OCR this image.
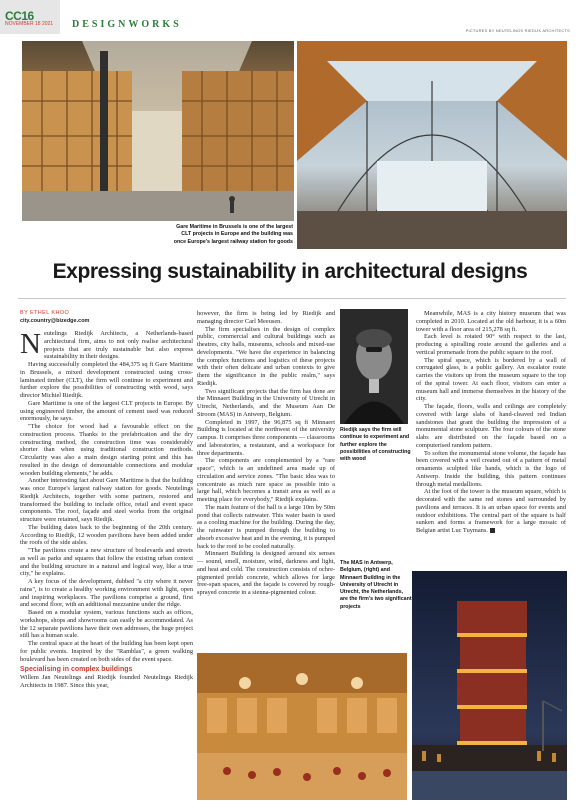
CC16
NOVEMBER 18 2021 DESIGNWORKS
PICTURES BY NEUTELINGS RIEDIJK ARCHITECTS
Gare Maritime in Brussels is one of the largest CLT projects in Europe and the building was once Europe's largest railway station for goods
Expressing sustainability in architectural designs
BY ETHEL KHOO
city.country@bizedge.com

Neutelings Riedijk Architects, a Netherlands-based architectural firm, aims to not only realise architectural projects that are truly sustainable but also express sustainability in their designs.

Having successfully completed the 484,375 sq ft Gare Maritime in Brussels, a mixed development constructed using cross-laminated timber (CLT), the firm will continue to experiment and further explore the possibilities of constructing with wood, says director Michiel Riedijk.

Gare Maritime is one of the largest CLT projects in Europe. By using engineered timber, the amount of cement used was reduced enormously, he says.

"The choice for wood had a favourable effect on the construction process. Thanks to the prefabrication and the dry constructing method, the construction time was considerably shorter than when using traditional construction methods. Circularity was also a main design starting point and this has resulted in the design of demountable connections and modular wooden building elements," he adds.

Another interesting fact about Gare Maritime is that the building was once Europe's largest railway station for goods. Neutelings Riedijk Architects, together with some partners, restored and transformed the building to include office, retail and event space components. The roof, façade and steel works from the original structure were retained, says Riedijk.

The building dates back to the beginning of the 20th century. According to Riedijk, 12 wooden pavilions have been added under the roofs of the side aisles.

"The pavilions create a new structure of boulevards and streets as well as parks and squares that follow the existing urban context and the building structure in a natural and logical way, like a true city," he explains.

A key focus of the development, dubbed "a city where it never rains", is to create a healthy working environment with light, open and inspiring workplaces. The pavilions comprise a ground, first and second floor, with an additional mezzanine under the ridge.

Based on a modular system, various functions such as offices, workshops, shops and showrooms can easily be accommodated. As the 12 separate pavilions have their own addresses, the huge project still has a human scale.

The central space at the heart of the building has been kept open for public events. Inspired by the "Ramblas", a green walking boulevard has been created on both sides of the event space.

Specialising in complex buildings

Willem Jan Neutelings and Riedijk founded Neutelings Riedijk Architects in 1987. Since this year,

however, the firm is being led by Riedijk and managing director Carl Meeusen.

The firm specialises in the design of complex public, commercial and cultural buildings such as theatres, city halls, museums, schools and mixed-use developments. "We have the experience in balancing the complex functions and logistics of these projects with their often delicate and urban contexts to give them the significance in the public realm," says Riedijk.

Two significant projects that the firm has done are the Minnaert Building in the University of Utrecht in Utrecht, Netherlands, and the Museum Aan De Stroom (MAS) in Antwerp, Belgium.

Completed in 1997, the 96,875 sq ft Minnaert Building is located at the northwest of the university campus. It comprises three components — classrooms and laboratories, a restaurant, and a workspace for three departments.

The components are complemented by a "rare space", which is an undefined area made up of circulation and service zones. "The basic idea was to concentrate as much rare space as possible into a large hall, which becomes a transit area as well as a meeting place for everybody," Riedijk explains.

The main feature of the hall is a large 10m by 50m pond that collects rainwater. This water basin is used as a cooling machine for the building. During the day, the rainwater is pumped through the building to absorb excessive heat and in the evening, it is pumped back to the roof to be cooled naturally.

Minnaert Building is designed around six senses — sound, smell, moisture, wind, darkness and light, and heat and cold. The construction consists of ochre-pigmented prefab concrete, which allows for large free-span spaces, and the façade is covered by rough-sprayed concrete in a sienna-pigmented colour.

Riedijk says the firm will continue to experiment and further explore the possibilities of constructing with wood
The MAS in Antwerp, Belgium, (right) and Minnaert Building in the University of Utrecht in Utrecht, the Netherlands, are the firm's two significant projects

Meanwhile, MAS is a city history museum that was completed in 2010. Located at the old harbour, it is a 60m tower with a floor area of 215,278 sq ft.

Each level is rotated 90° with respect to the last, producing a spiralling route around the galleries and a vertical promenade from the public square to the roof.

The spiral space, which is bordered by a wall of corrugated glass, is a public gallery. An escalator route carries the visitors up from the museum square to the top of the spiral tower. At each floor, visitors can enter a museum hall and immerse themselves in the history of the city.

The façade, floors, walls and ceilings are completely covered with large slabs of hand-cleaved red Indian sandstones that grant the building the impression of a monumental stone sculpture. The four colours of the stone slabs are distributed on the façade based on a computerised random pattern.

To soften the monumental stone volume, the façade has been covered with a veil created out of a pattern of metal ornaments sculpted like hands, which is the logo of Antwerp. Inside the building, this pattern continues through metal medallions.

At the foot of the tower is the museum square, which is decorated with the same red stones and surrounded by pavilions and terraces. It is an urban space for events and outdoor exhibitions. The central part of the square is half sunken and forms a framework for a large mosaic of Belgian artist Luc Tuymans.
